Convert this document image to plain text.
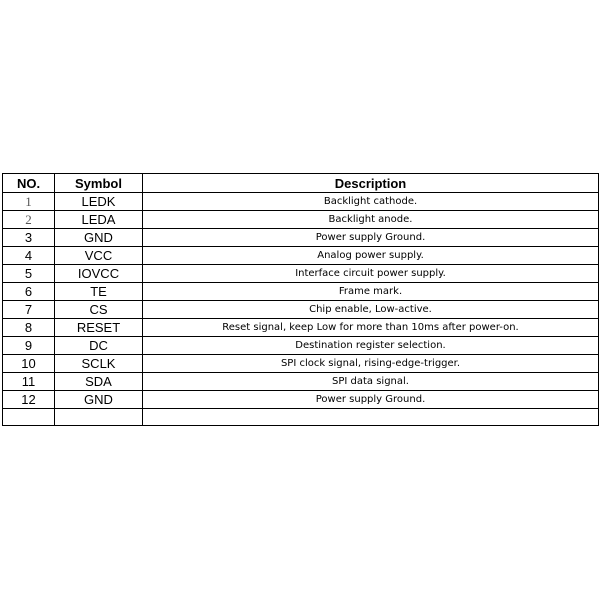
NO.	Symbol	Description
1	LEDK	Backlight cathode.
2	LEDA	Backlight anode.
3	GND	Power supply Ground.
4	VCC	Analog power supply.
5	IOVCC	Interface circuit power supply.
6	TE	Frame mark.
7	CS	Chip enable, Low-active.
8	RESET	Reset signal, keep Low for more than 10ms after power-on.
9	DC	Destination register selection.
10	SCLK	SPI clock signal, rising-edge-trigger.
11	SDA	SPI data signal.
12	GND	Power supply Ground.
